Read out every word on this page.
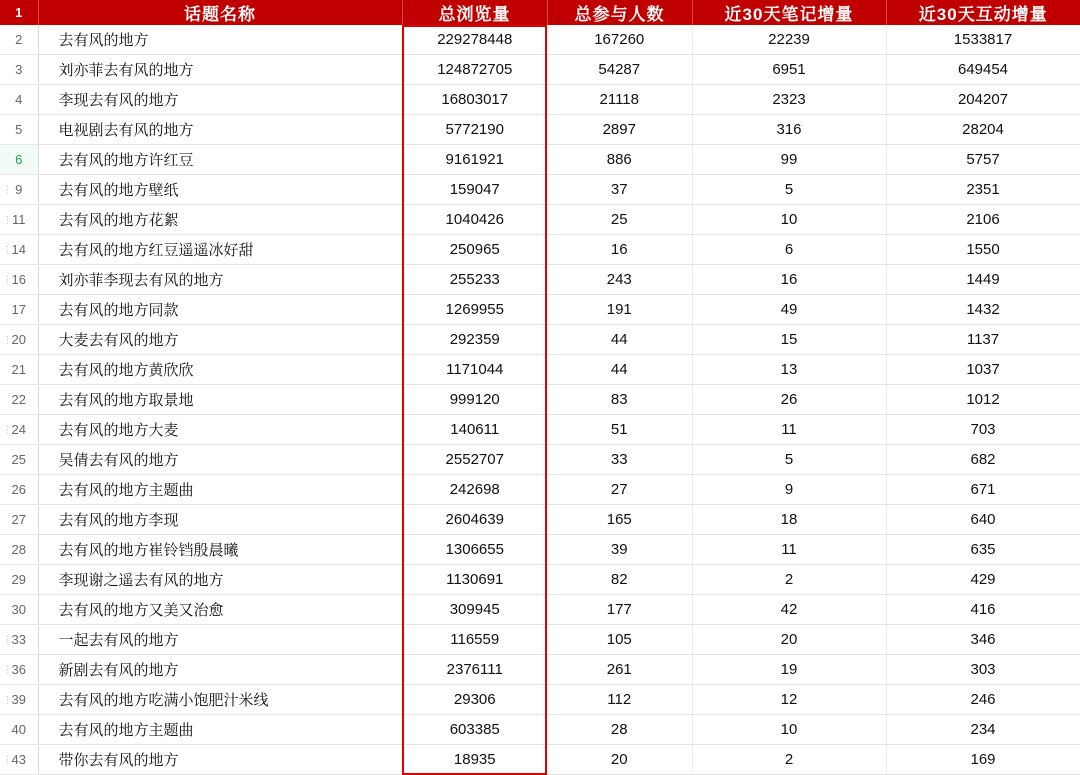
1	话题名称	总浏览量	总参与人数	近30天笔记增量	近30天互动增量
2	去有风的地方	229278448	167260	22239	1533817
3	刘亦菲去有风的地方	124872705	54287	6951	649454
4	李现去有风的地方	16803017	21118	2323	204207
5	电视剧去有风的地方	5772190	2897	316	28204
6	去有风的地方许红豆	9161921	886	99	5757

⋮ 9	去有风的地方壁纸	159047	37	5	2351

⋮ 11	去有风的地方花絮	1040426	25	10	2106

⋮ 14	去有风的地方红豆遥遥冰好甜	250965	16	6	1550

⋮ 16	刘亦菲李现去有风的地方	255233	243	16	1449
17	去有风的地方同款	1269955	191	49	1432

⋮ 20	大麦去有风的地方	292359	44	15	1137
21	去有风的地方黄欣欣	1171044	44	13	1037
22	去有风的地方取景地	999120	83	26	1012

⋮ 24	去有风的地方大麦	140611	51	11	703
25	吴倩去有风的地方	2552707	33	5	682
26	去有风的地方主题曲	242698	27	9	671
27	去有风的地方李现	2604639	165	18	640
28	去有风的地方崔铃铛殷晨曦	1306655	39	11	635
29	李现谢之遥去有风的地方	1130691	82	2	429
30	去有风的地方又美又治愈	309945	177	42	416

⋮ 33	一起去有风的地方	116559	105	20	346

⋮ 36	新剧去有风的地方	2376111	261	19	303

⋮ 39	去有风的地方吃满小饱肥汁米线	29306	112	12	246
40	去有风的地方主题曲	603385	28	10	234

⋮ 43	带你去有风的地方	18935	20	2	169
